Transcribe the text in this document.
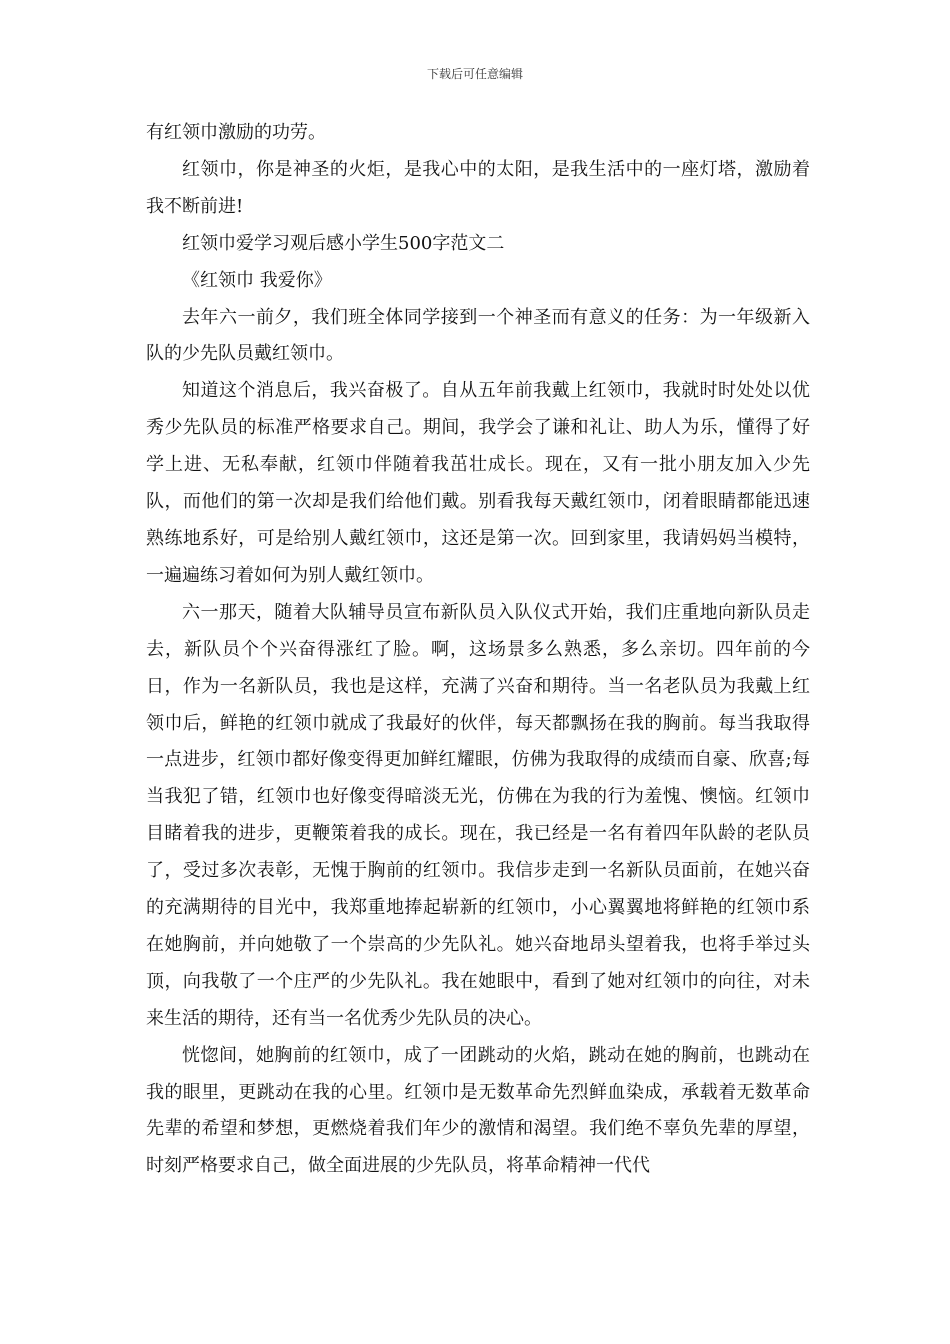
下载后可任意编辑

有红领巾激励的功劳。

红领巾，你是神圣的火炬，是我心中的太阳，是我生活中的一座灯塔，激励着我不断前进!

红领巾爱学习观后感小学生500字范文二

《红领巾 我爱你》

去年六一前夕，我们班全体同学接到一个神圣而有意义的任务：为一年级新入队的少先队员戴红领巾。

知道这个消息后，我兴奋极了。自从五年前我戴上红领巾，我就时时处处以优秀少先队员的标准严格要求自己。期间，我学会了谦和礼让、助人为乐，懂得了好学上进、无私奉献，红领巾伴随着我茁壮成长。现在，又有一批小朋友加入少先队，而他们的第一次却是我们给他们戴。别看我每天戴红领巾，闭着眼睛都能迅速熟练地系好，可是给别人戴红领巾，这还是第一次。回到家里，我请妈妈当模特，一遍遍练习着如何为别人戴红领巾。

六一那天，随着大队辅导员宣布新队员入队仪式开始，我们庄重地向新队员走去，新队员个个兴奋得涨红了脸。啊，这场景多么熟悉，多么亲切。四年前的今日，作为一名新队员，我也是这样，充满了兴奋和期待。当一名老队员为我戴上红领巾后，鲜艳的红领巾就成了我最好的伙伴，每天都飘扬在我的胸前。每当我取得一点进步，红领巾都好像变得更加鲜红耀眼，仿佛为我取得的成绩而自豪、欣喜;每当我犯了错，红领巾也好像变得暗淡无光，仿佛在为我的行为羞愧、懊恼。红领巾目睹着我的进步，更鞭策着我的成长。现在，我已经是一名有着四年队龄的老队员了，受过多次表彰，无愧于胸前的红领巾。我信步走到一名新队员面前，在她兴奋的充满期待的目光中，我郑重地捧起崭新的红领巾，小心翼翼地将鲜艳的红领巾系在她胸前，并向她敬了一个崇高的少先队礼。她兴奋地昂头望着我，也将手举过头顶，向我敬了一个庄严的少先队礼。我在她眼中，看到了她对红领巾的向往，对未来生活的期待，还有当一名优秀少先队员的决心。

恍惚间，她胸前的红领巾，成了一团跳动的火焰，跳动在她的胸前，也跳动在我的眼里，更跳动在我的心里。红领巾是无数革命先烈鲜血染成，承载着无数革命先辈的希望和梦想，更燃烧着我们年少的激情和渴望。我们绝不辜负先辈的厚望，时刻严格要求自己，做全面进展的少先队员，将革命精神一代代
